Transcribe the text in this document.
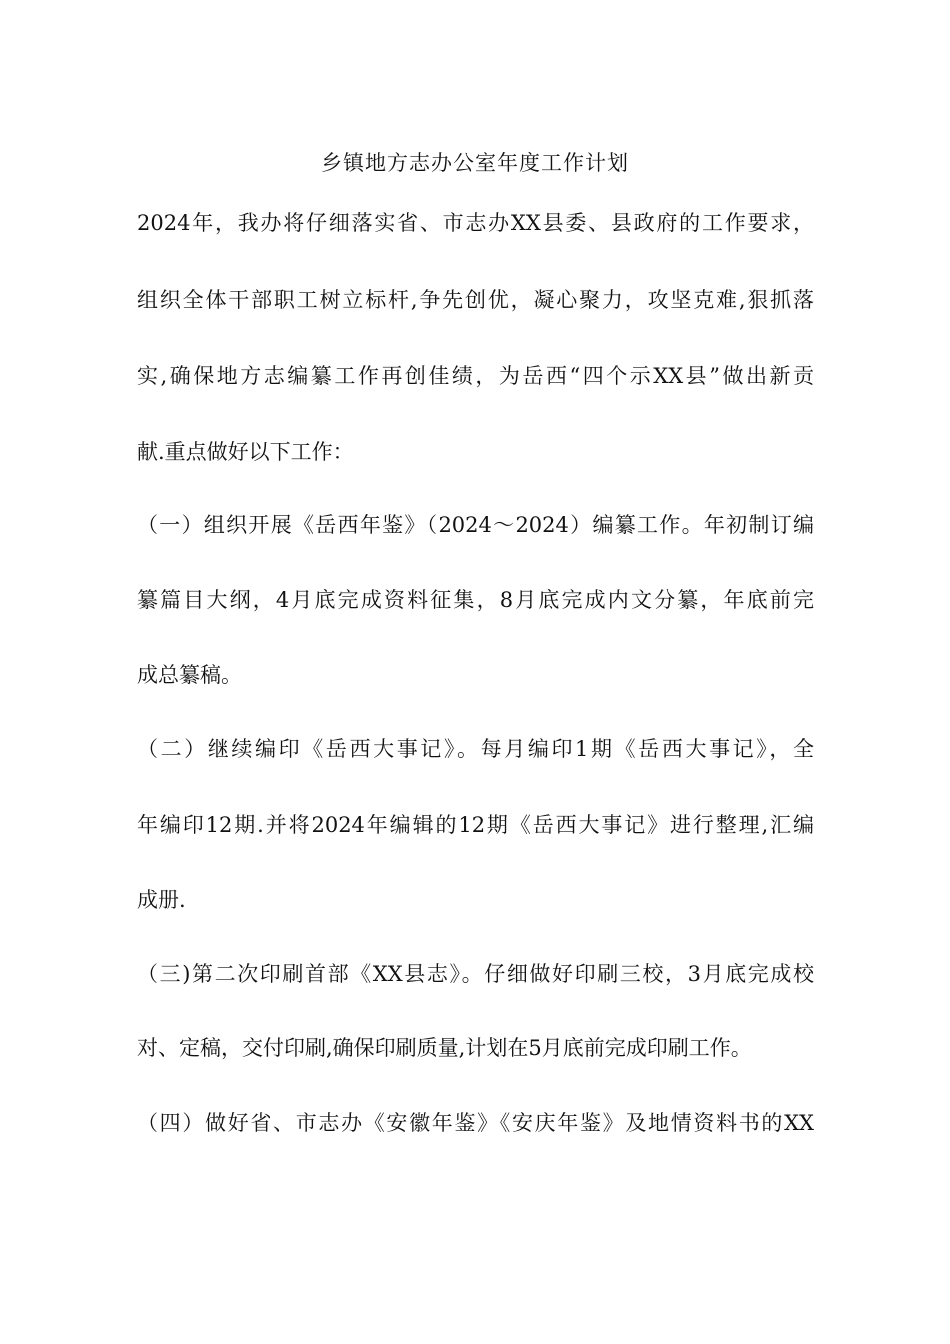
乡镇地方志办公室年度工作计划
2024年，我办将仔细落实省、市志办XX县委、县政府的工作要求，
组织全体干部职工树立标杆,争先创优，凝心聚力，攻坚克难,狠抓落
实,确保地方志编纂工作再创佳绩，为岳西“四个示XX县”做出新贡
献.重点做好以下工作：
（一）组织开展《岳西年鉴》（2024～2024）编纂工作。年初制订编
纂篇目大纲，4月底完成资料征集，8月底完成内文分纂，年底前完
成总纂稿。
（二）继续编印《岳西大事记》。每月编印1期《岳西大事记》，全
年编印12期.并将2024年编辑的12期《岳西大事记》进行整理,汇编
成册.
（三)第二次印刷首部《XX县志》。仔细做好印刷三校，3月底完成校
对、定稿，交付印刷,确保印刷质量,计划在5月底前完成印刷工作。
（四）做好省、市志办《安徽年鉴》《安庆年鉴》及地情资料书的XX
